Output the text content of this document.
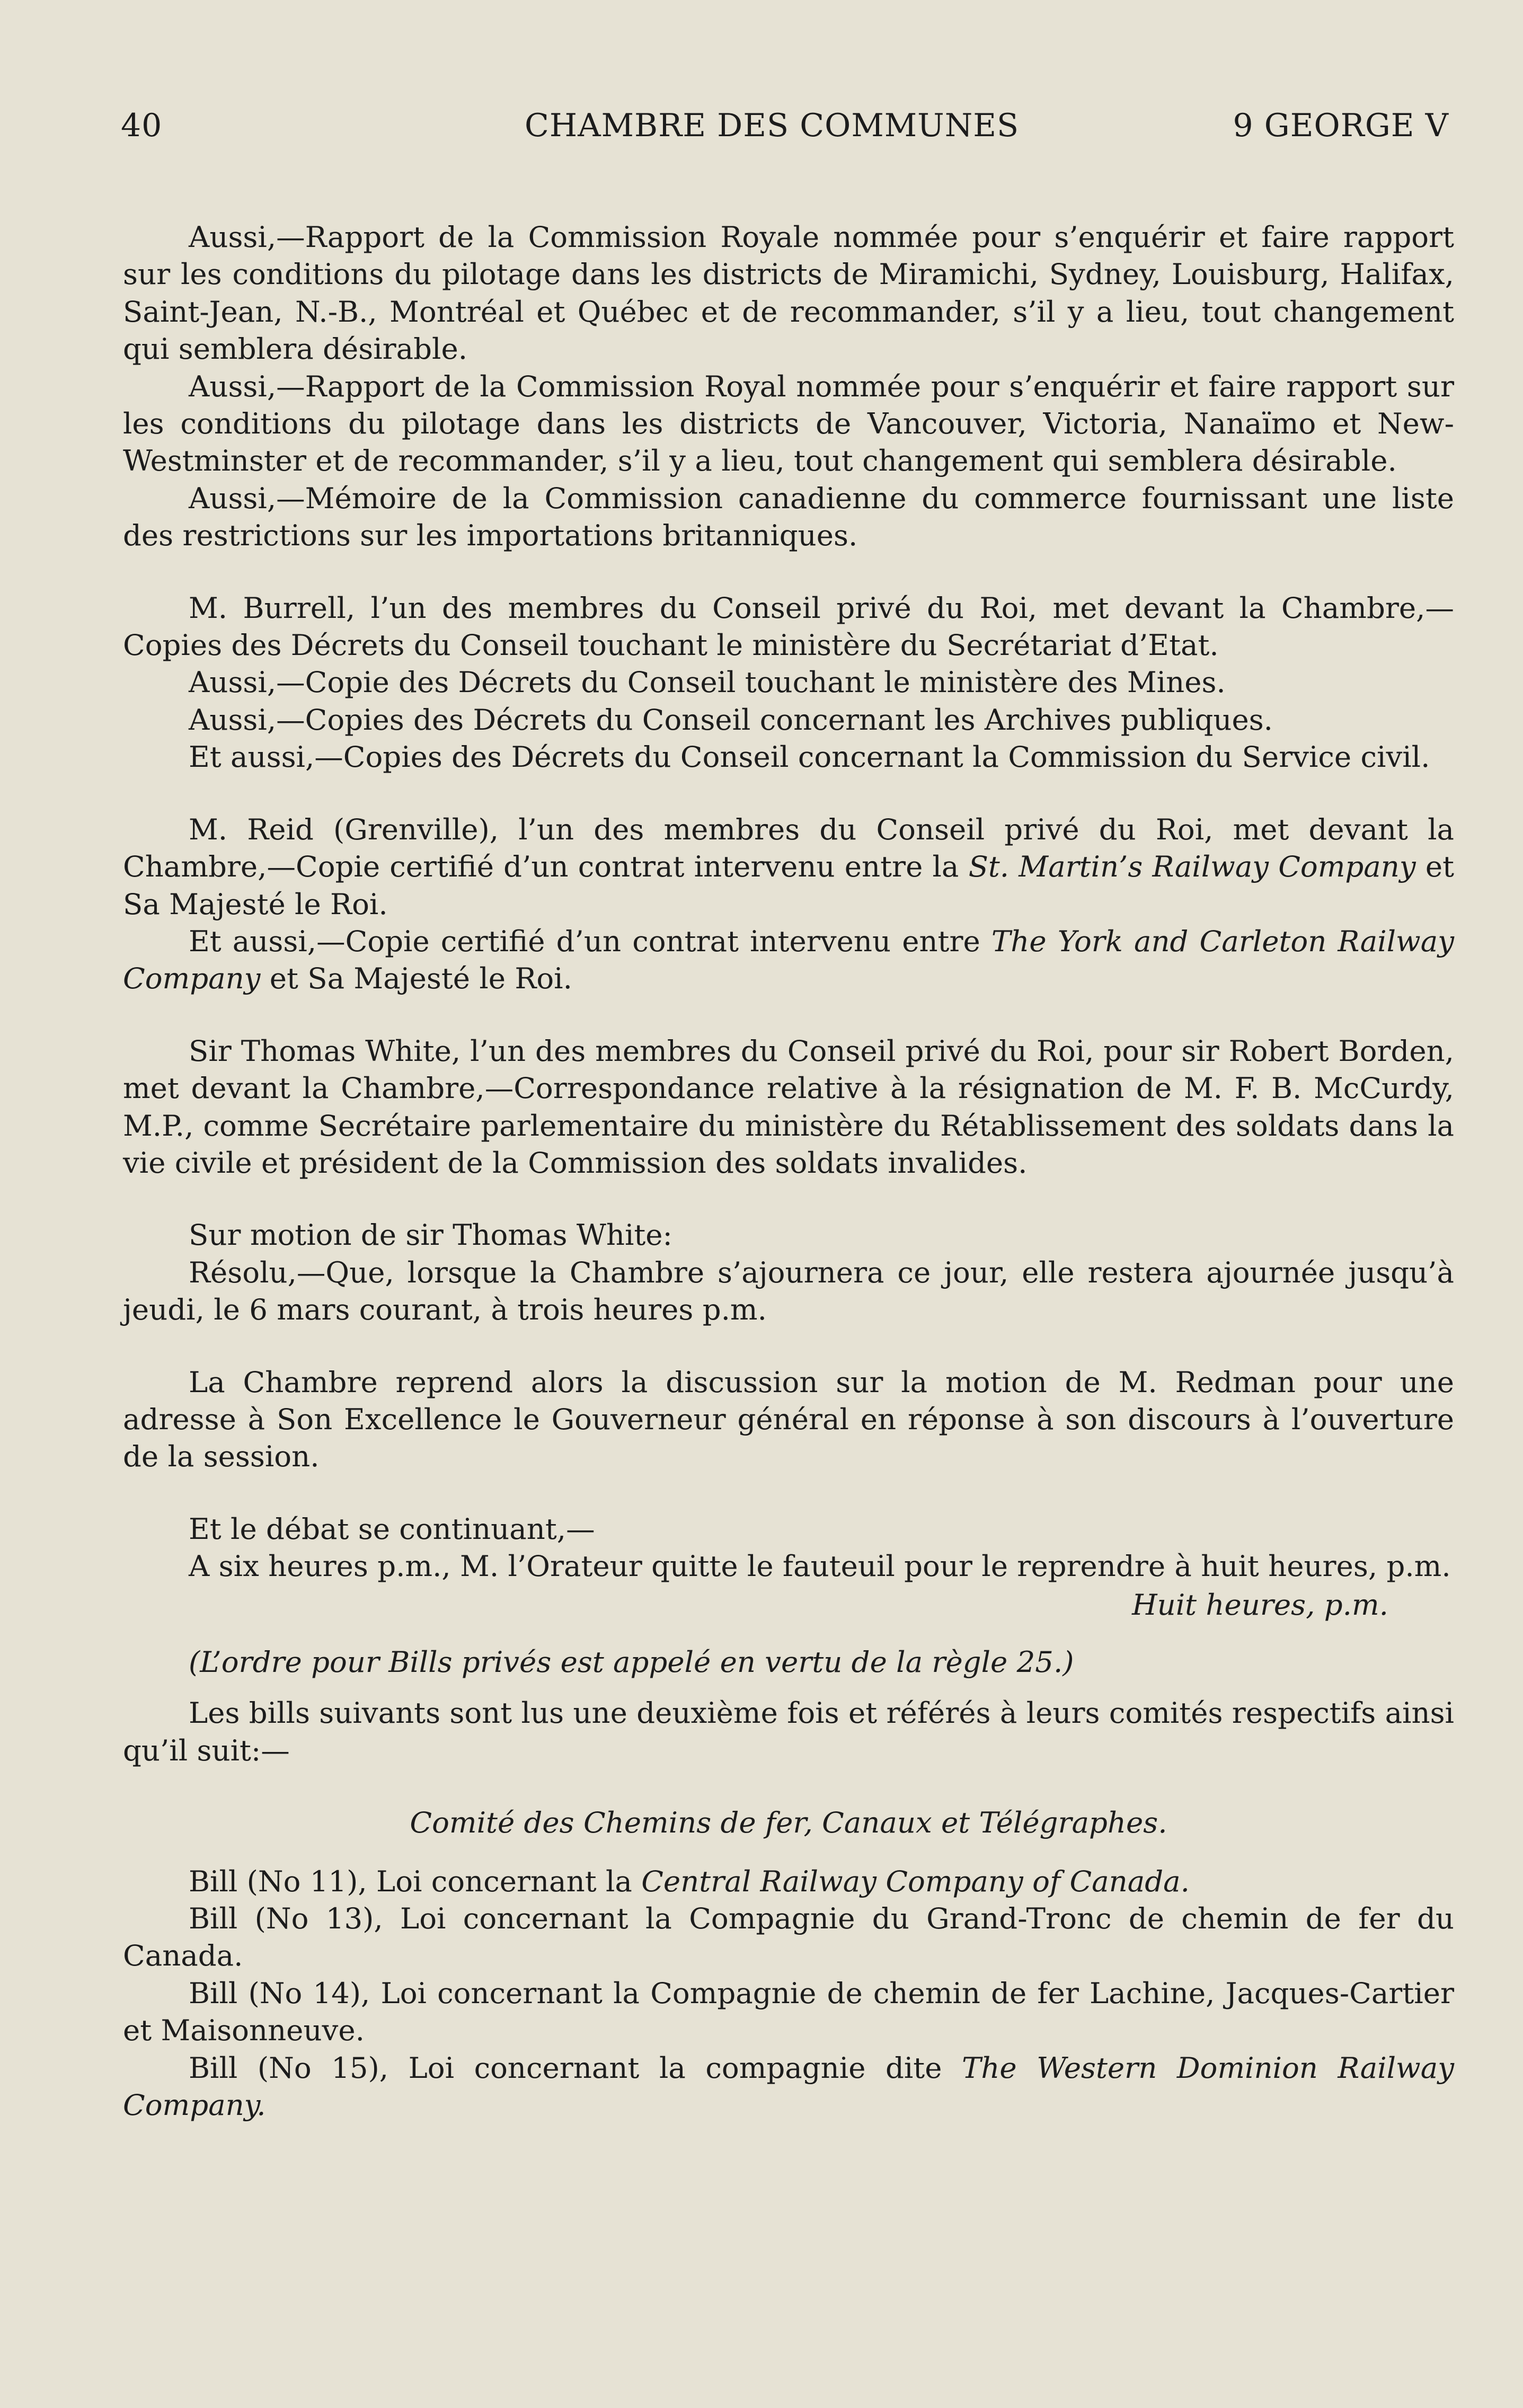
40	CHAMBRE DES COMMUNES	9 GEORGE V

Aussi,—Rapport de la Commission Royale nommée pour s’enquérir et faire rapport sur les conditions du pilotage dans les districts de Miramichi, Sydney, Louisburg, Halifax, Saint-Jean, N.-B., Montréal et Québec et de recommander, s’il y a lieu, tout changement qui semblera désirable.

Aussi,—Rapport de la Commission Royal nommée pour s’enquérir et faire rapport sur les conditions du pilotage dans les districts de Vancouver, Victoria, Nanaïmo et New-Westminster et de recommander, s’il y a lieu, tout changement qui semblera désirable.

Aussi,—Mémoire de la Commission canadienne du commerce fournissant une liste des restrictions sur les importations britanniques.

M. Burrell, l’un des membres du Conseil privé du Roi, met devant la Chambre,—Copies des Décrets du Conseil touchant le ministère du Secrétariat d’Etat.

Aussi,—Copie des Décrets du Conseil touchant le ministère des Mines.

Aussi,—Copies des Décrets du Conseil concernant les Archives publiques.

Et aussi,—Copies des Décrets du Conseil concernant la Commission du Service civil.

M. Reid (Grenville), l’un des membres du Conseil privé du Roi, met devant la Chambre,—Copie certifié d’un contrat intervenu entre la St. Martin’s Railway Company et Sa Majesté le Roi.

Et aussi,—Copie certifié d’un contrat intervenu entre The York and Carleton Railway Company et Sa Majesté le Roi.

Sir Thomas White, l’un des membres du Conseil privé du Roi, pour sir Robert Borden, met devant la Chambre,—Correspondance relative à la résignation de M. F. B. McCurdy, M.P., comme Secrétaire parlementaire du ministère du Rétablissement des soldats dans la vie civile et président de la Commission des soldats invalides.

Sur motion de sir Thomas White:

Résolu,—Que, lorsque la Chambre s’ajournera ce jour, elle restera ajournée jusqu’à jeudi, le 6 mars courant, à trois heures p.m.

La Chambre reprend alors la discussion sur la motion de M. Redman pour une adresse à Son Excellence le Gouverneur général en réponse à son discours à l’ouverture de la session.

Et le débat se continuant,—

A six heures p.m., M. l’Orateur quitte le fauteuil pour le reprendre à huit heures, p.m.

Huit heures, p.m.

(L’ordre pour Bills privés est appelé en vertu de la règle 25.)

Les bills suivants sont lus une deuxième fois et référés à leurs comités respectifs ainsi qu’il suit:—

Comité des Chemins de fer, Canaux et Télégraphes.

Bill (No 11), Loi concernant la Central Railway Company of Canada.

Bill (No 13), Loi concernant la Compagnie du Grand-Tronc de chemin de fer du Canada.

Bill (No 14), Loi concernant la Compagnie de chemin de fer Lachine, Jacques-Cartier et Maisonneuve.

Bill (No 15), Loi concernant la compagnie dite The Western Dominion Railway Company.
